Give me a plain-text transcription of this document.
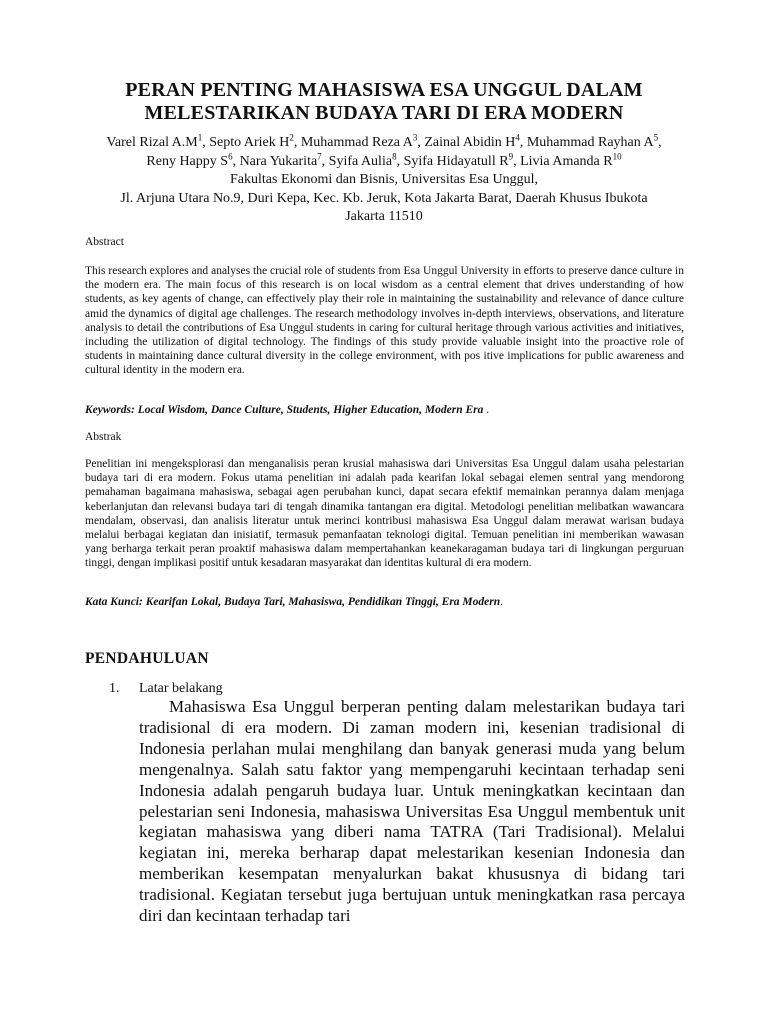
PERAN PENTING MAHASISWA ESA UNGGUL DALAM
MELESTARIKAN BUDAYA TARI DI ERA MODERN
Varel Rizal $A.M^1$, Septo Ariek $H^2$, Muhammad Reza $A^3$, Zainal Abidin $H^4$, Muhammad Rayhan $A^5$,
Reny Happy $S^6$, Nara Yukarita$^7$, Syifa Aulia$^8$, Syifa Hidayatull $R^9$, Livia Amanda $R^{10}$
Fakultas Ekonomi dan Bisnis, Universitas Esa Unggul,
Jl. Arjuna Utara No.9, Duri Kepa, Kec. Kb. Jeruk, Kota Jakarta Barat, Daerah Khusus Ibukota
Jakarta 11510
Abstract

This research explores and analyses the crucial role of students from Esa Unggul University in efforts to preserve dance culture in the modern era. The main focus of this research is on local wisdom as a central element that drives understanding of how students, as key agents of change, can effectively play their role in maintaining the sustainability and relevance of dance culture amid the dynamics of digital age challenges. The research methodology involves in-depth interviews, observations, and literature analysis to detail the contributions of Esa Unggul students in caring for cultural heritage through various activities and initiatives, including the utilization of digital technology. The findings of this study provide valuable insight into the proactive role of students in maintaining dance cultural diversity in the college environment, with pos itive implications for public awareness and cultural identity in the modern era.

Keywords: Local Wisdom, Dance Culture, Students, Higher Education, Modern Era .
Abstrak

Penelitian ini mengeksplorasi dan menganalisis peran krusial mahasiswa dari Universitas Esa Unggul dalam usaha pelestarian budaya tari di era modern. Fokus utama penelitian ini adalah pada kearifan lokal sebagai elemen sentral yang mendorong pemahaman bagaimana mahasiswa, sebagai agen perubahan kunci, dapat secara efektif memainkan perannya dalam menjaga keberlanjutan dan relevansi budaya tari di tengah dinamika tantangan era digital. Metodologi penelitian melibatkan wawancara mendalam, observasi, dan analisis literatur untuk merinci kontribusi mahasiswa Esa Unggul dalam merawat warisan budaya melalui berbagai kegiatan dan inisiatif, termasuk pemanfaatan teknologi digital. Temuan penelitian ini memberikan wawasan yang berharga terkait peran proaktif mahasiswa dalam mempertahankan keanekaragaman budaya tari di lingkungan perguruan tinggi, dengan implikasi positif untuk kesadaran masyarakat dan identitas kultural di era modern.

Kata Kunci: Kearifan Lokal, Budaya Tari, Mahasiswa, Pendidikan Tinggi, Era Modern.
PENDAHULUAN
1. Latar belakang

Mahasiswa Esa Unggul berperan penting dalam melestarikan budaya tari tradisional di era modern. Di zaman modern ini, kesenian tradisional di Indonesia perlahan mulai menghilang dan banyak generasi muda yang belum mengenalnya. Salah satu faktor yang mempengaruhi kecintaan terhadap seni Indonesia adalah pengaruh budaya luar. Untuk meningkatkan kecintaan dan pelestarian seni Indonesia, mahasiswa Universitas Esa Unggul membentuk unit kegiatan mahasiswa yang diberi nama TATRA (Tari Tradisional). Melalui kegiatan ini, mereka berharap dapat melestarikan kesenian Indonesia dan memberikan kesempatan menyalurkan bakat khususnya di bidang tari tradisional. Kegiatan tersebut juga bertujuan untuk meningkatkan rasa percaya diri dan kecintaan terhadap tari
